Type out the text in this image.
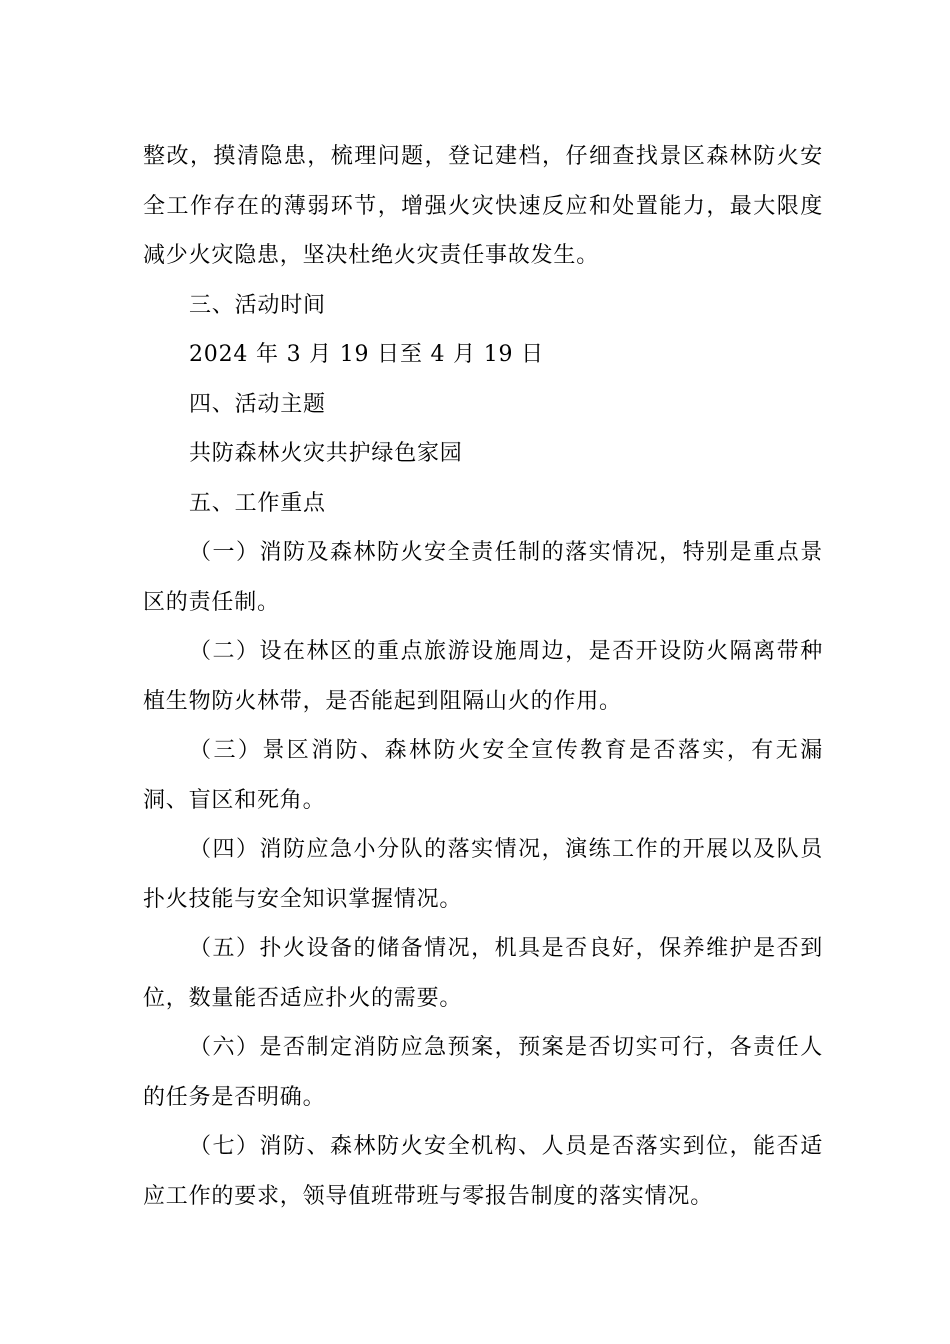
整改，摸清隐患，梳理问题，登记建档，仔细查找景区森林防火安全工作存在的薄弱环节，增强火灾快速反应和处置能力，最大限度减少火灾隐患，坚决杜绝火灾责任事故发生。

三、活动时间

2024 年 3 月 19 日至 4 月 19 日

四、活动主题

共防森林火灾共护绿色家园

五、工作重点

（一）消防及森林防火安全责任制的落实情况，特别是重点景区的责任制。

（二）设在林区的重点旅游设施周边，是否开设防火隔离带种植生物防火林带，是否能起到阻隔山火的作用。

（三）景区消防、森林防火安全宣传教育是否落实，有无漏洞、盲区和死角。

（四）消防应急小分队的落实情况，演练工作的开展以及队员扑火技能与安全知识掌握情况。

（五）扑火设备的储备情况，机具是否良好，保养维护是否到位，数量能否适应扑火的需要。

（六）是否制定消防应急预案，预案是否切实可行，各责任人的任务是否明确。

（七）消防、森林防火安全机构、人员是否落实到位，能否适应工作的要求，领导值班带班与零报告制度的落实情况。
